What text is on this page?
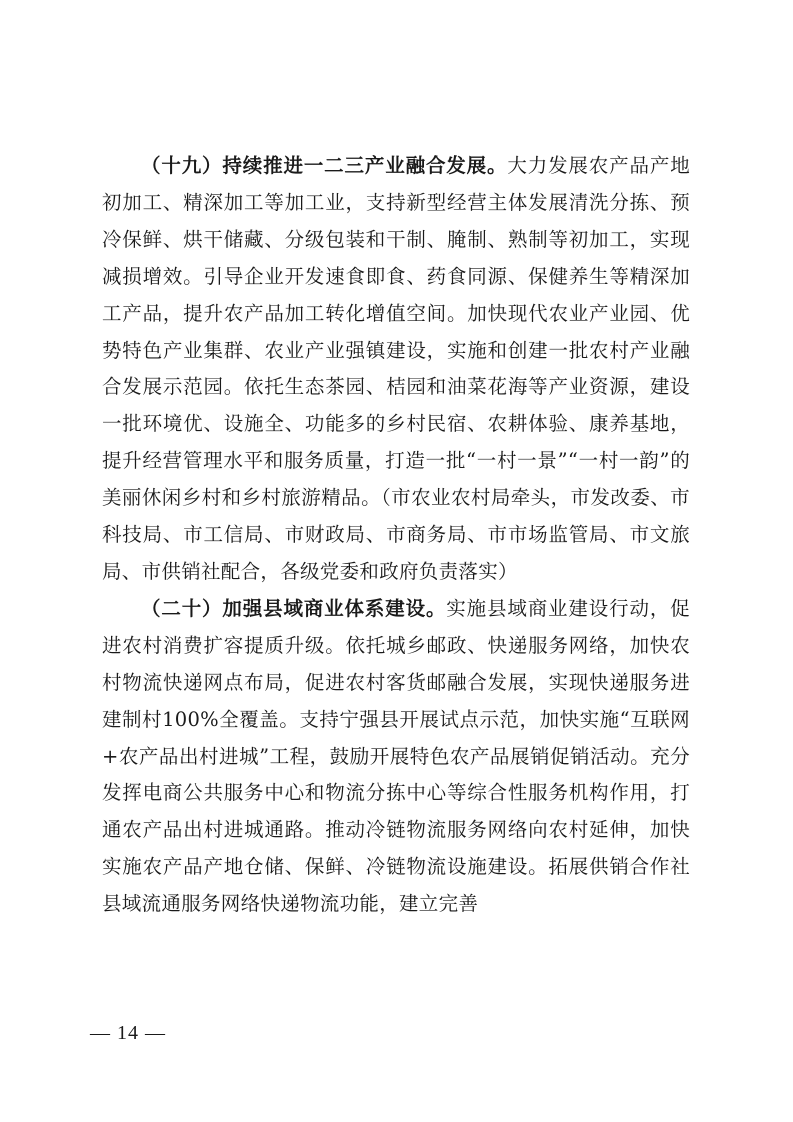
（十九）持续推进一二三产业融合发展。大力发展农产品产地初加工、精深加工等加工业，支持新型经营主体发展清洗分拣、预冷保鲜、烘干储藏、分级包装和干制、腌制、熟制等初加工，实现减损增效。引导企业开发速食即食、药食同源、保健养生等精深加工产品，提升农产品加工转化增值空间。加快现代农业产业园、优势特色产业集群、农业产业强镇建设，实施和创建一批农村产业融合发展示范园。依托生态茶园、桔园和油菜花海等产业资源，建设一批环境优、设施全、功能多的乡村民宿、农耕体验、康养基地，提升经营管理水平和服务质量，打造一批“一村一景”“一村一韵”的美丽休闲乡村和乡村旅游精品。（市农业农村局牵头，市发改委、市科技局、市工信局、市财政局、市商务局、市市场监管局、市文旅局、市供销社配合，各级党委和政府负责落实）

（二十）加强县域商业体系建设。实施县域商业建设行动，促进农村消费扩容提质升级。依托城乡邮政、快递服务网络，加快农村物流快递网点布局，促进农村客货邮融合发展，实现快递服务进建制村100%全覆盖。支持宁强县开展试点示范，加快实施“互联网+农产品出村进城”工程，鼓励开展特色农产品展销促销活动。充分发挥电商公共服务中心和物流分拣中心等综合性服务机构作用，打通农产品出村进城通路。推动冷链物流服务网络向农村延伸，加快实施农产品产地仓储、保鲜、冷链物流设施建设。拓展供销合作社县域流通服务网络快递物流功能，建立完善

— 14 —
